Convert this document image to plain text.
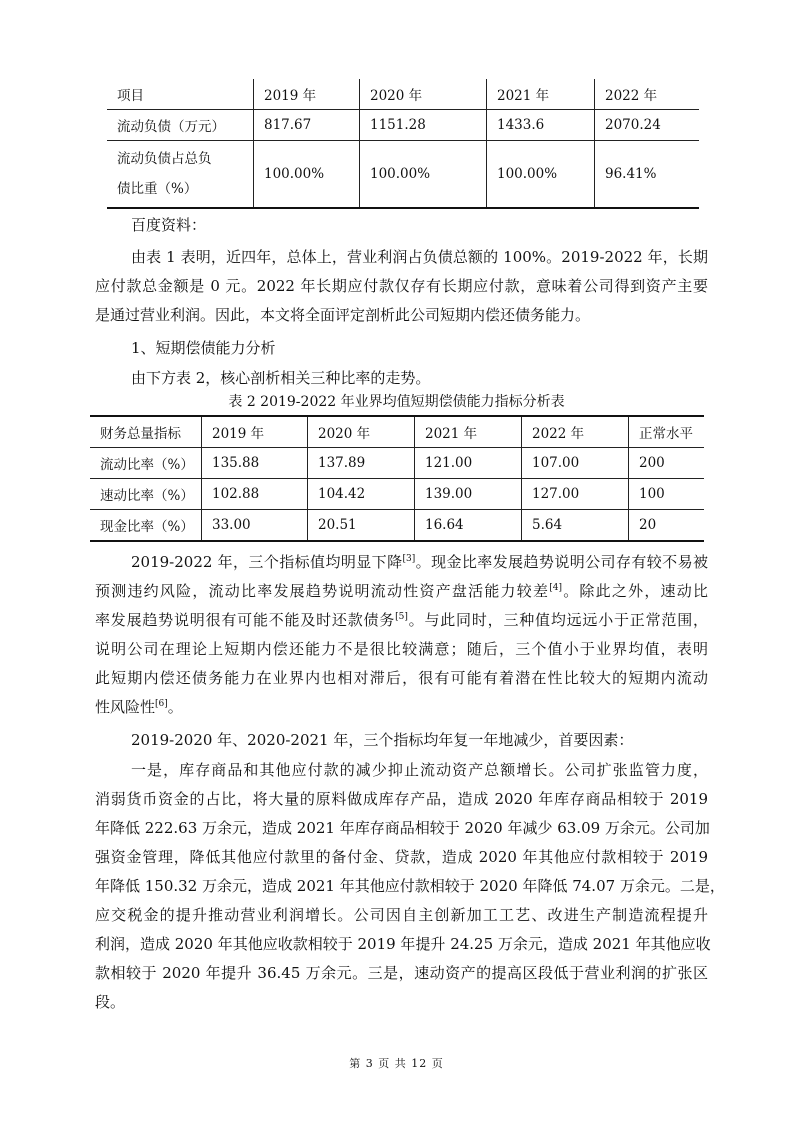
项目	2019 年	2020 年	2021 年	2022 年
流动负债（万元）	817.67	1151.28	1433.6	2070.24

流动负债占总负
债比重（%）	100.00%	100.00%	100.00%	96.41%
百度资料：
由表 1 表明，近四年，总体上，营业利润占负债总额的 100%。2019-2022 年，长期
应付款总金额是 0 元。2022 年长期应付款仅存有长期应付款，意味着公司得到资产主要
是通过营业利润。因此，本文将全面评定剖析此公司短期内偿还债务能力。
1、短期偿债能力分析
由下方表 2，核心剖析相关三种比率的走势。
表 2 2019-2022 年业界均值短期偿债能力指标分析表
财务总量指标	2019 年	2020 年	2021 年	2022 年	正常水平
流动比率（%）	135.88	137.89	121.00	107.00	200
速动比率（%）	102.88	104.42	139.00	127.00	100
现金比率（%）	33.00	20.51	16.64	5.64	20
2019-2022 年，三个指标值均明显下降[3]。现金比率发展趋势说明公司存有较不易被
预测违约风险，流动比率发展趋势说明流动性资产盘活能力较差[4]。除此之外，速动比
率发展趋势说明很有可能不能及时还款债务[5]。与此同时，三种值均远远小于正常范围，
说明公司在理论上短期内偿还能力不是很比较满意；随后，三个值小于业界均值，表明
此短期内偿还债务能力在业界内也相对滞后，很有可能有着潜在性比较大的短期内流动
性风险性[6]。
2019-2020 年、2020-2021 年，三个指标均年复一年地减少，首要因素：
一是，库存商品和其他应付款的减少抑止流动资产总额增长。公司扩张监管力度，
消弱货币资金的占比，将大量的原料做成库存产品，造成 2020 年库存商品相较于 2019
年降低 222.63 万余元，造成 2021 年库存商品相较于 2020 年减少 63.09 万余元。公司加
强资金管理，降低其他应付款里的备付金、贷款，造成 2020 年其他应付款相较于 2019
年降低 150.32 万余元，造成 2021 年其他应付款相较于 2020 年降低 74.07 万余元。二是，
应交税金的提升推动营业利润增长。公司因自主创新加工工艺、改进生产制造流程提升
利润，造成 2020 年其他应收款相较于 2019 年提升 24.25 万余元，造成 2021 年其他应收
款相较于 2020 年提升 36.45 万余元。三是，速动资产的提高区段低于营业利润的扩张区
段。
第 3 页 共 12 页
